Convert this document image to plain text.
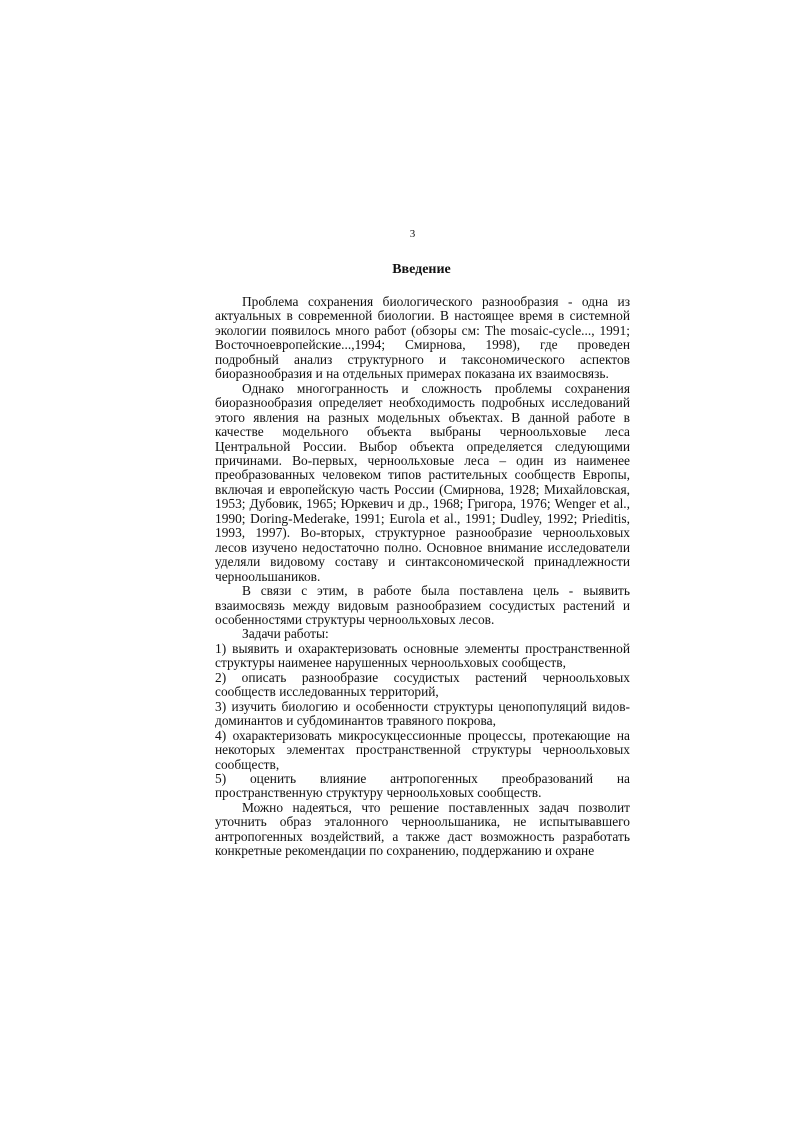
3
Введение

Проблема сохранения биологического разнообразия - одна из актуальных в современной биологии. В настоящее время в системной экологии появилось много работ (обзоры см: The mosaic-cycle..., 1991; Восточноевропейские...,1994; Смирнова, 1998), где проведен подробный анализ структурного и таксономического аспектов биоразнообразия и на отдельных примерах показана их взаимосвязь.

Однако многогранность и сложность проблемы сохранения биоразнообразия определяет необходимость подробных исследований этого явления на разных модельных объектах. В данной работе в качестве модельного объекта выбраны черноольховые леса Центральной России. Выбор объекта определяется следующими причинами. Во-первых, черноольховые леса – один из наименее преобразованных человеком типов растительных сообществ Европы, включая и европейскую часть России (Смирнова, 1928; Михайловская, 1953; Дубовик, 1965; Юркевич и др., 1968; Григора, 1976; Wenger et al., 1990; Doring-Mederake, 1991; Eurola et al., 1991; Dudley, 1992; Prieditis, 1993, 1997). Во-вторых, структурное разнообразие черноольховых лесов изучено недостаточно полно. Основное внимание исследователи уделяли видовому составу и синтаксономической принадлежности черноольшаников.

В связи с этим, в работе была поставлена цель - выявить взаимосвязь между видовым разнообразием сосудистых растений и особенностями структуры черноольховых лесов.

Задачи работы:

1) выявить и охарактеризовать основные элементы пространственной структуры наименее нарушенных черноольховых сообществ,

2) описать разнообразие сосудистых растений черноольховых сообществ исследованных территорий,

3) изучить биологию и особенности структуры ценопопуляций видов-доминантов и субдоминантов травяного покрова,

4) охарактеризовать микросукцессионные процессы, протекающие на некоторых элементах пространственной структуры черноольховых сообществ,

5) оценить влияние антропогенных преобразований на пространственную структуру черноольховых сообществ.

Можно надеяться, что решение поставленных задач позволит уточнить образ эталонного черноольшаника, не испытывавшего антропогенных воздействий, а также даст возможность разработать конкретные рекомендации по сохранению, поддержанию и охране
